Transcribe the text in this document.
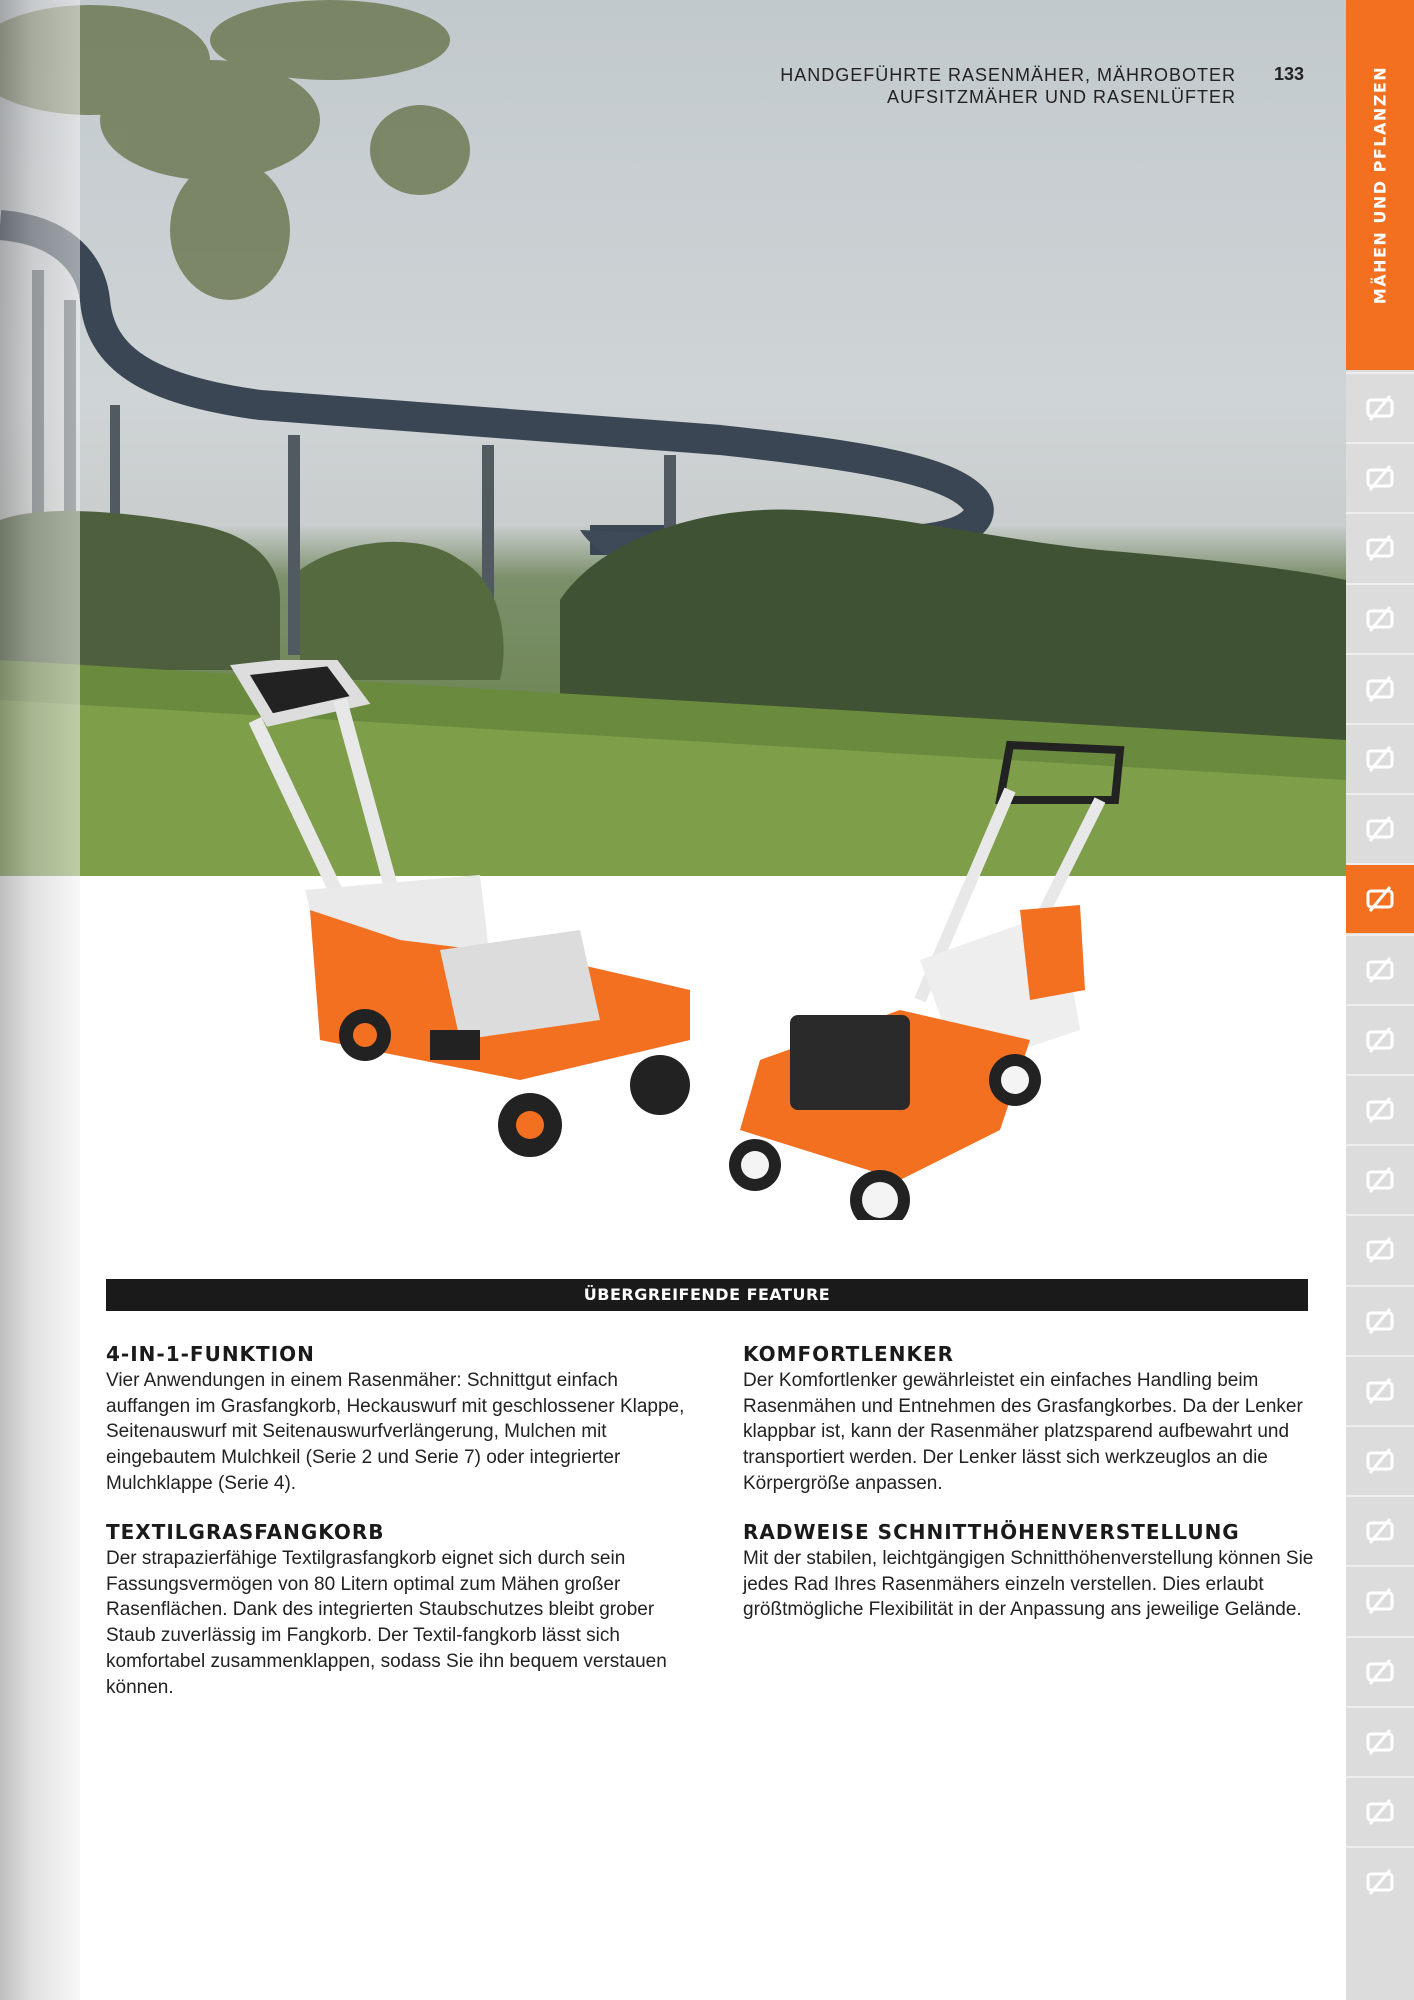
HANDGEFÜHRTE RASENMÄHER, MÄHROBOTER
AUFSITZMÄHER UND RASENLÜFTER
133
ÜBERGREIFENDE FEATURE
4-IN-1-FUNKTION

Vier Anwendungen in einem Rasenmäher: Schnittgut einfach auffangen im Grasfangkorb, Heckauswurf mit geschlossener Klappe, Seitenauswurf mit Seitenauswurfverlängerung, Mulchen mit eingebautem Mulchkeil (Serie 2 und Serie 7) oder integrierter Mulchklappe (Serie 4).

KOMFORTLENKER

Der Komfortlenker gewährleistet ein einfaches Handling beim Rasenmähen und Entnehmen des Grasfangkorbes. Da der Lenker klappbar ist, kann der Rasenmäher platzsparend aufbewahrt und transportiert werden. Der Lenker lässt sich werkzeuglos an die Körpergröße anpassen.

TEXTILGRASFANGKORB

Der strapazierfähige Textilgrasfangkorb eignet sich durch sein Fassungsvermögen von 80 Litern optimal zum Mähen großer Rasenflächen. Dank des integrierten Staubschutzes bleibt grober Staub zuverlässig im Fangkorb. Der Textil-fangkorb lässt sich komfortabel zusammenklappen, sodass Sie ihn bequem verstauen können.

RADWEISE SCHNITTHÖHENVERSTELLUNG

Mit der stabilen, leichtgängigen Schnitthöhenverstellung können Sie jedes Rad Ihres Rasenmähers einzeln verstellen. Dies erlaubt größtmögliche Flexibilität in der Anpassung ans jeweilige Gelände.

MÄHEN UND PFLANZEN
